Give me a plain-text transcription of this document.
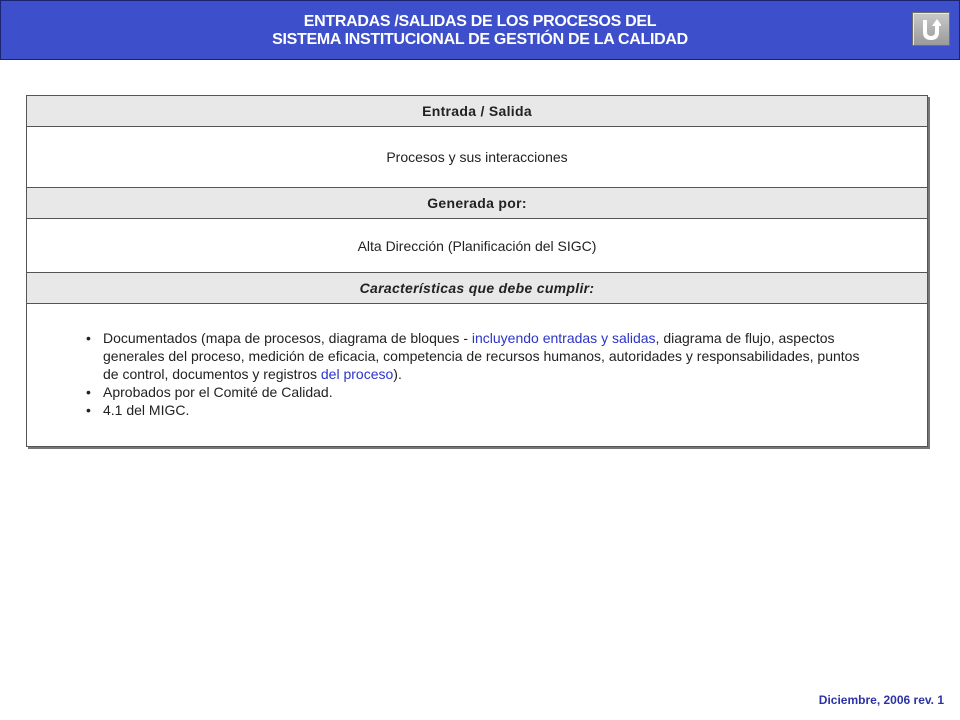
ENTRADAS /SALIDAS DE LOS PROCESOS DEL
SISTEMA INSTITUCIONAL DE GESTIÓN DE LA CALIDAD
Entrada / Salida
Procesos y sus interacciones
Generada por:
Alta Dirección (Planificación del SIGC)
Características que debe cumplir:
• Documentados (mapa de procesos, diagrama de bloques - incluyendo entradas y salidas, diagrama de flujo, aspectos generales del proceso, medición de eficacia, competencia de recursos humanos, autoridades y responsabilidades, puntos de control, documentos y registros del proceso).
• Aprobados por el Comité de Calidad.
• 4.1 del MIGC.
Diciembre, 2006 rev. 1
